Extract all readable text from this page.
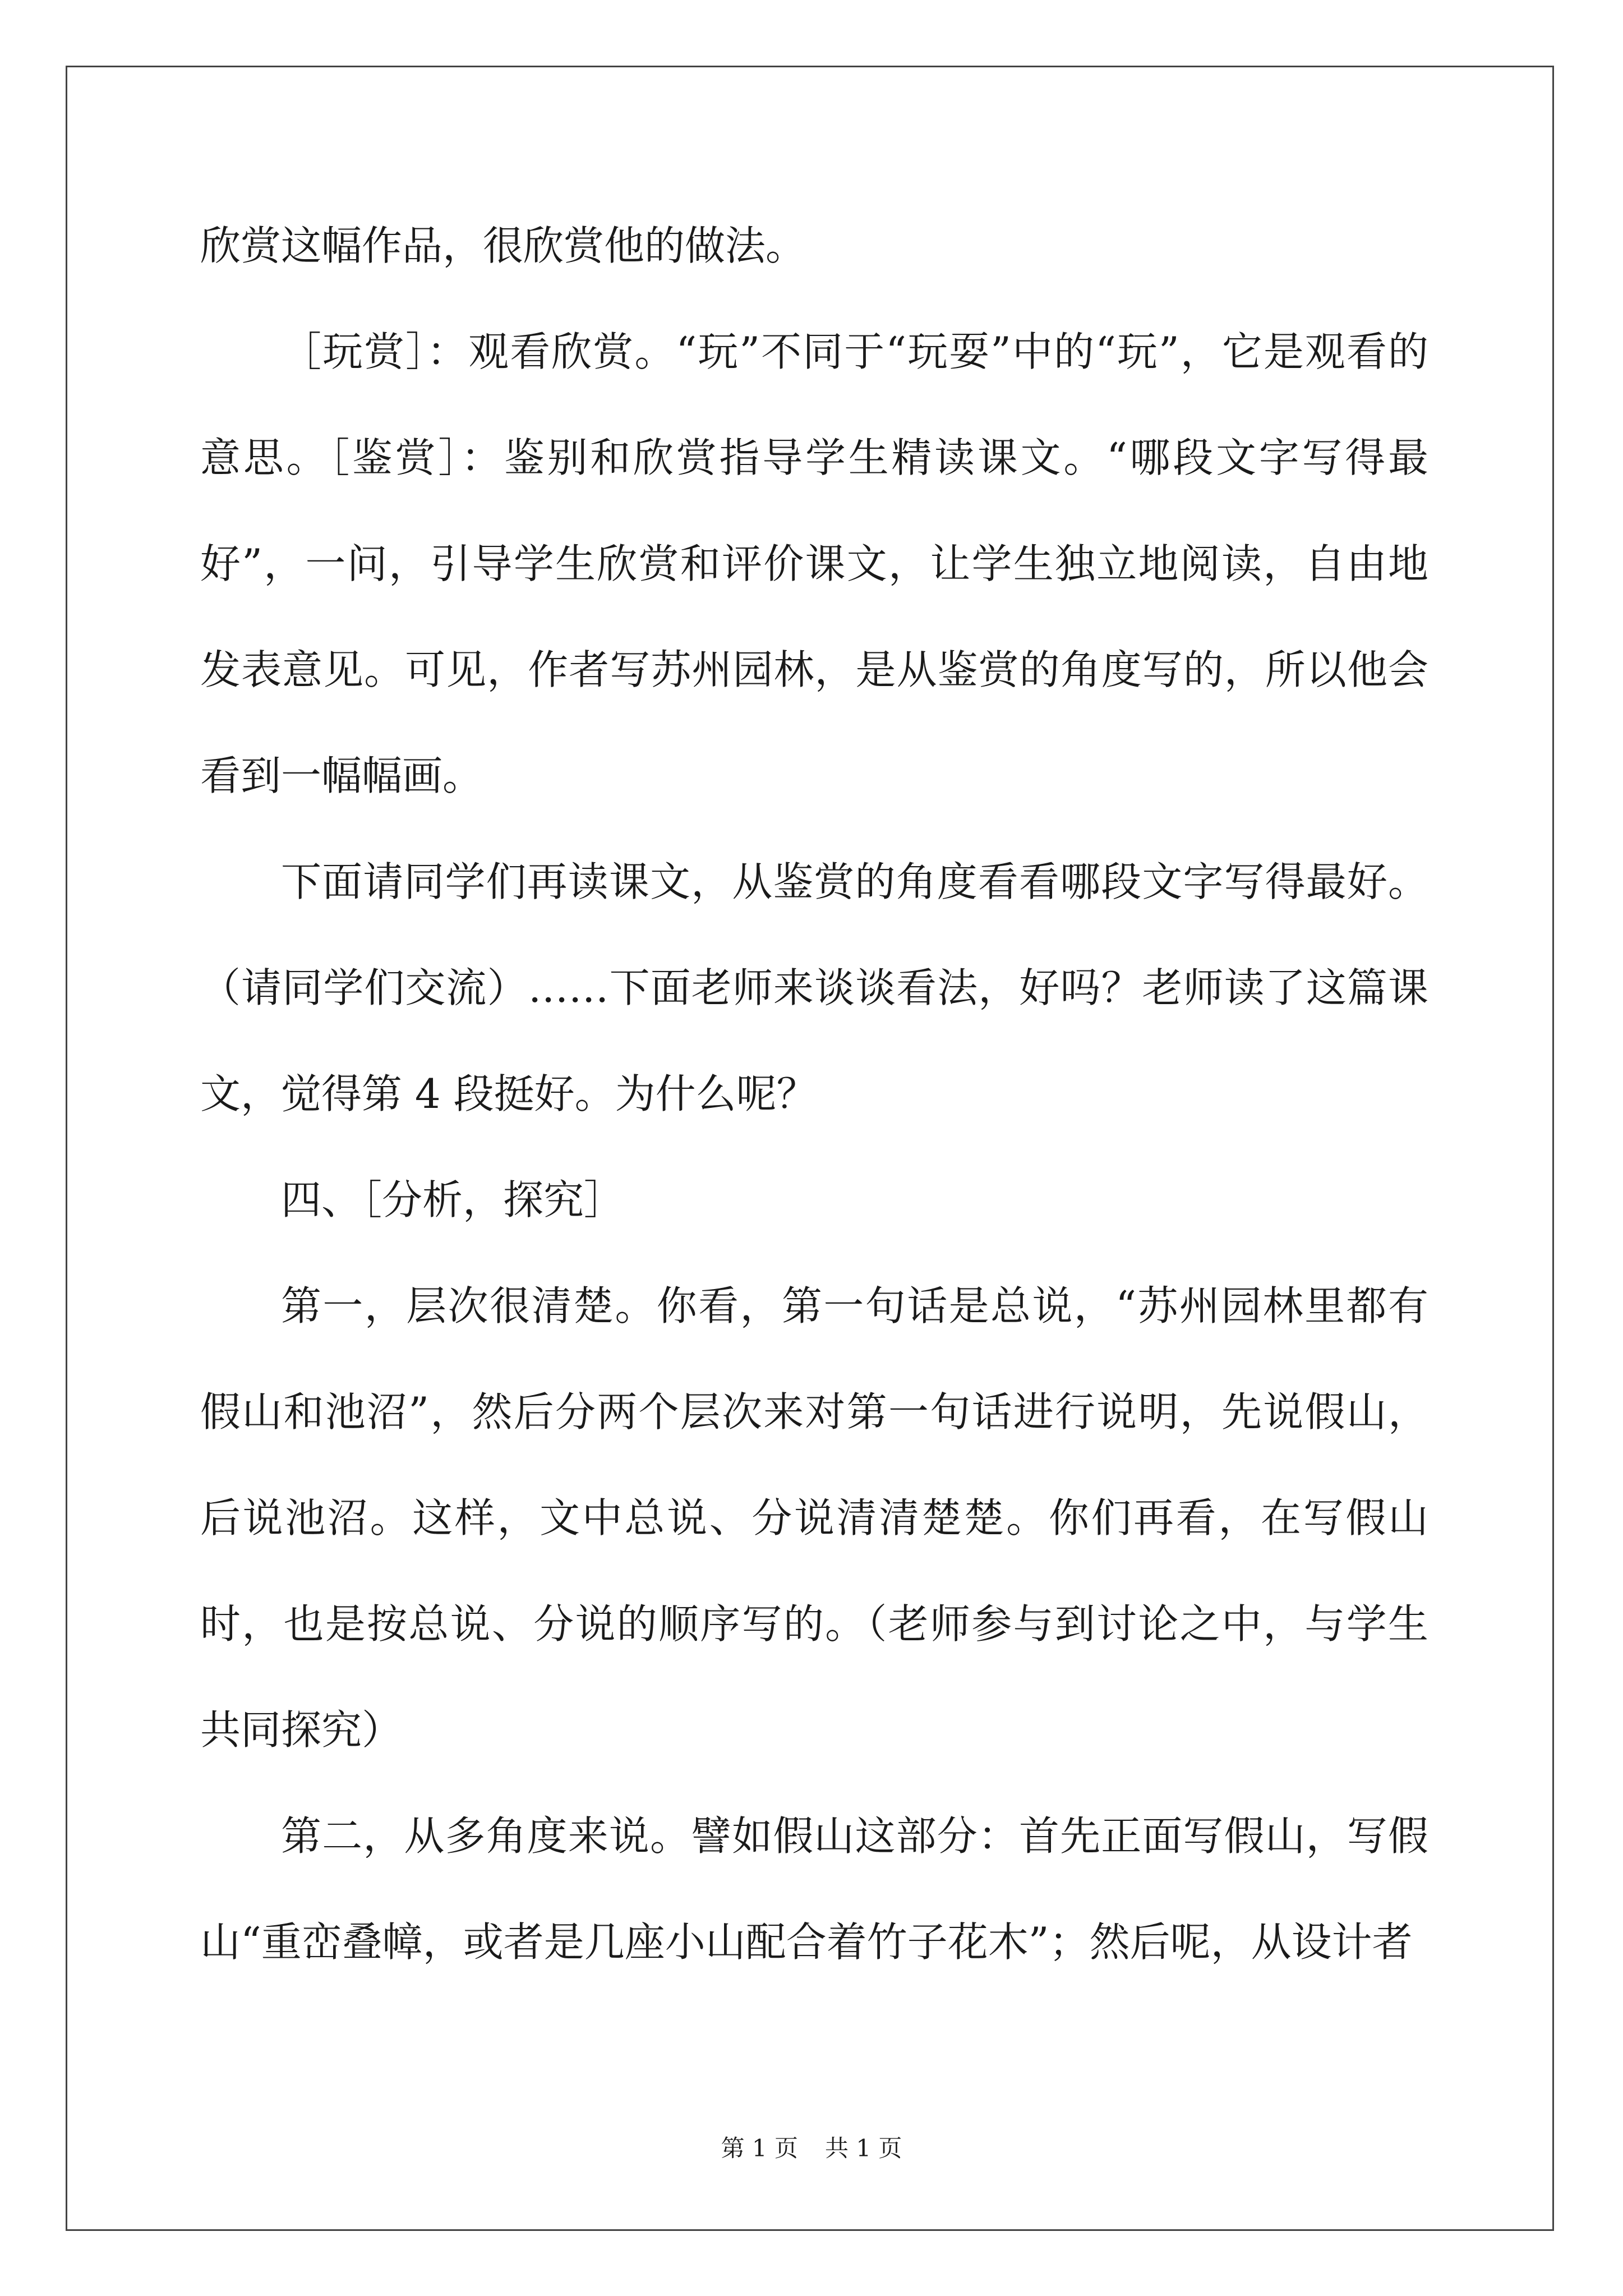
欣赏这幅作品，很欣赏他的做法。

［玩赏］：观看欣赏。“玩”不同于“玩耍”中的“玩”，它是观看的意思。［鉴赏］：鉴别和欣赏指导学生精读课文。“哪段文字写得最好”，一问，引导学生欣赏和评价课文，让学生独立地阅读，自由地发表意见。可见，作者写苏州园林，是从鉴赏的角度写的，所以他会看到一幅幅画。

下面请同学们再读课文，从鉴赏的角度看看哪段文字写得最好。（请同学们交流）……下面老师来谈谈看法，好吗？老师读了这篇课文，觉得第 4 段挺好。为什么呢？

四、［分析，探究］

第一，层次很清楚。你看，第一句话是总说，“苏州园林里都有假山和池沼”，然后分两个层次来对第一句话进行说明，先说假山，后说池沼。这样，文中总说、分说清清楚楚。你们再看，在写假山时，也是按总说、分说的顺序写的。（老师参与到讨论之中，与学生共同探究）

第二，从多角度来说。譬如假山这部分：首先正面写假山，写假山“重峦叠幛，或者是几座小山配合着竹子花木”；然后呢，从设计者

第 1 页 共 1 页
